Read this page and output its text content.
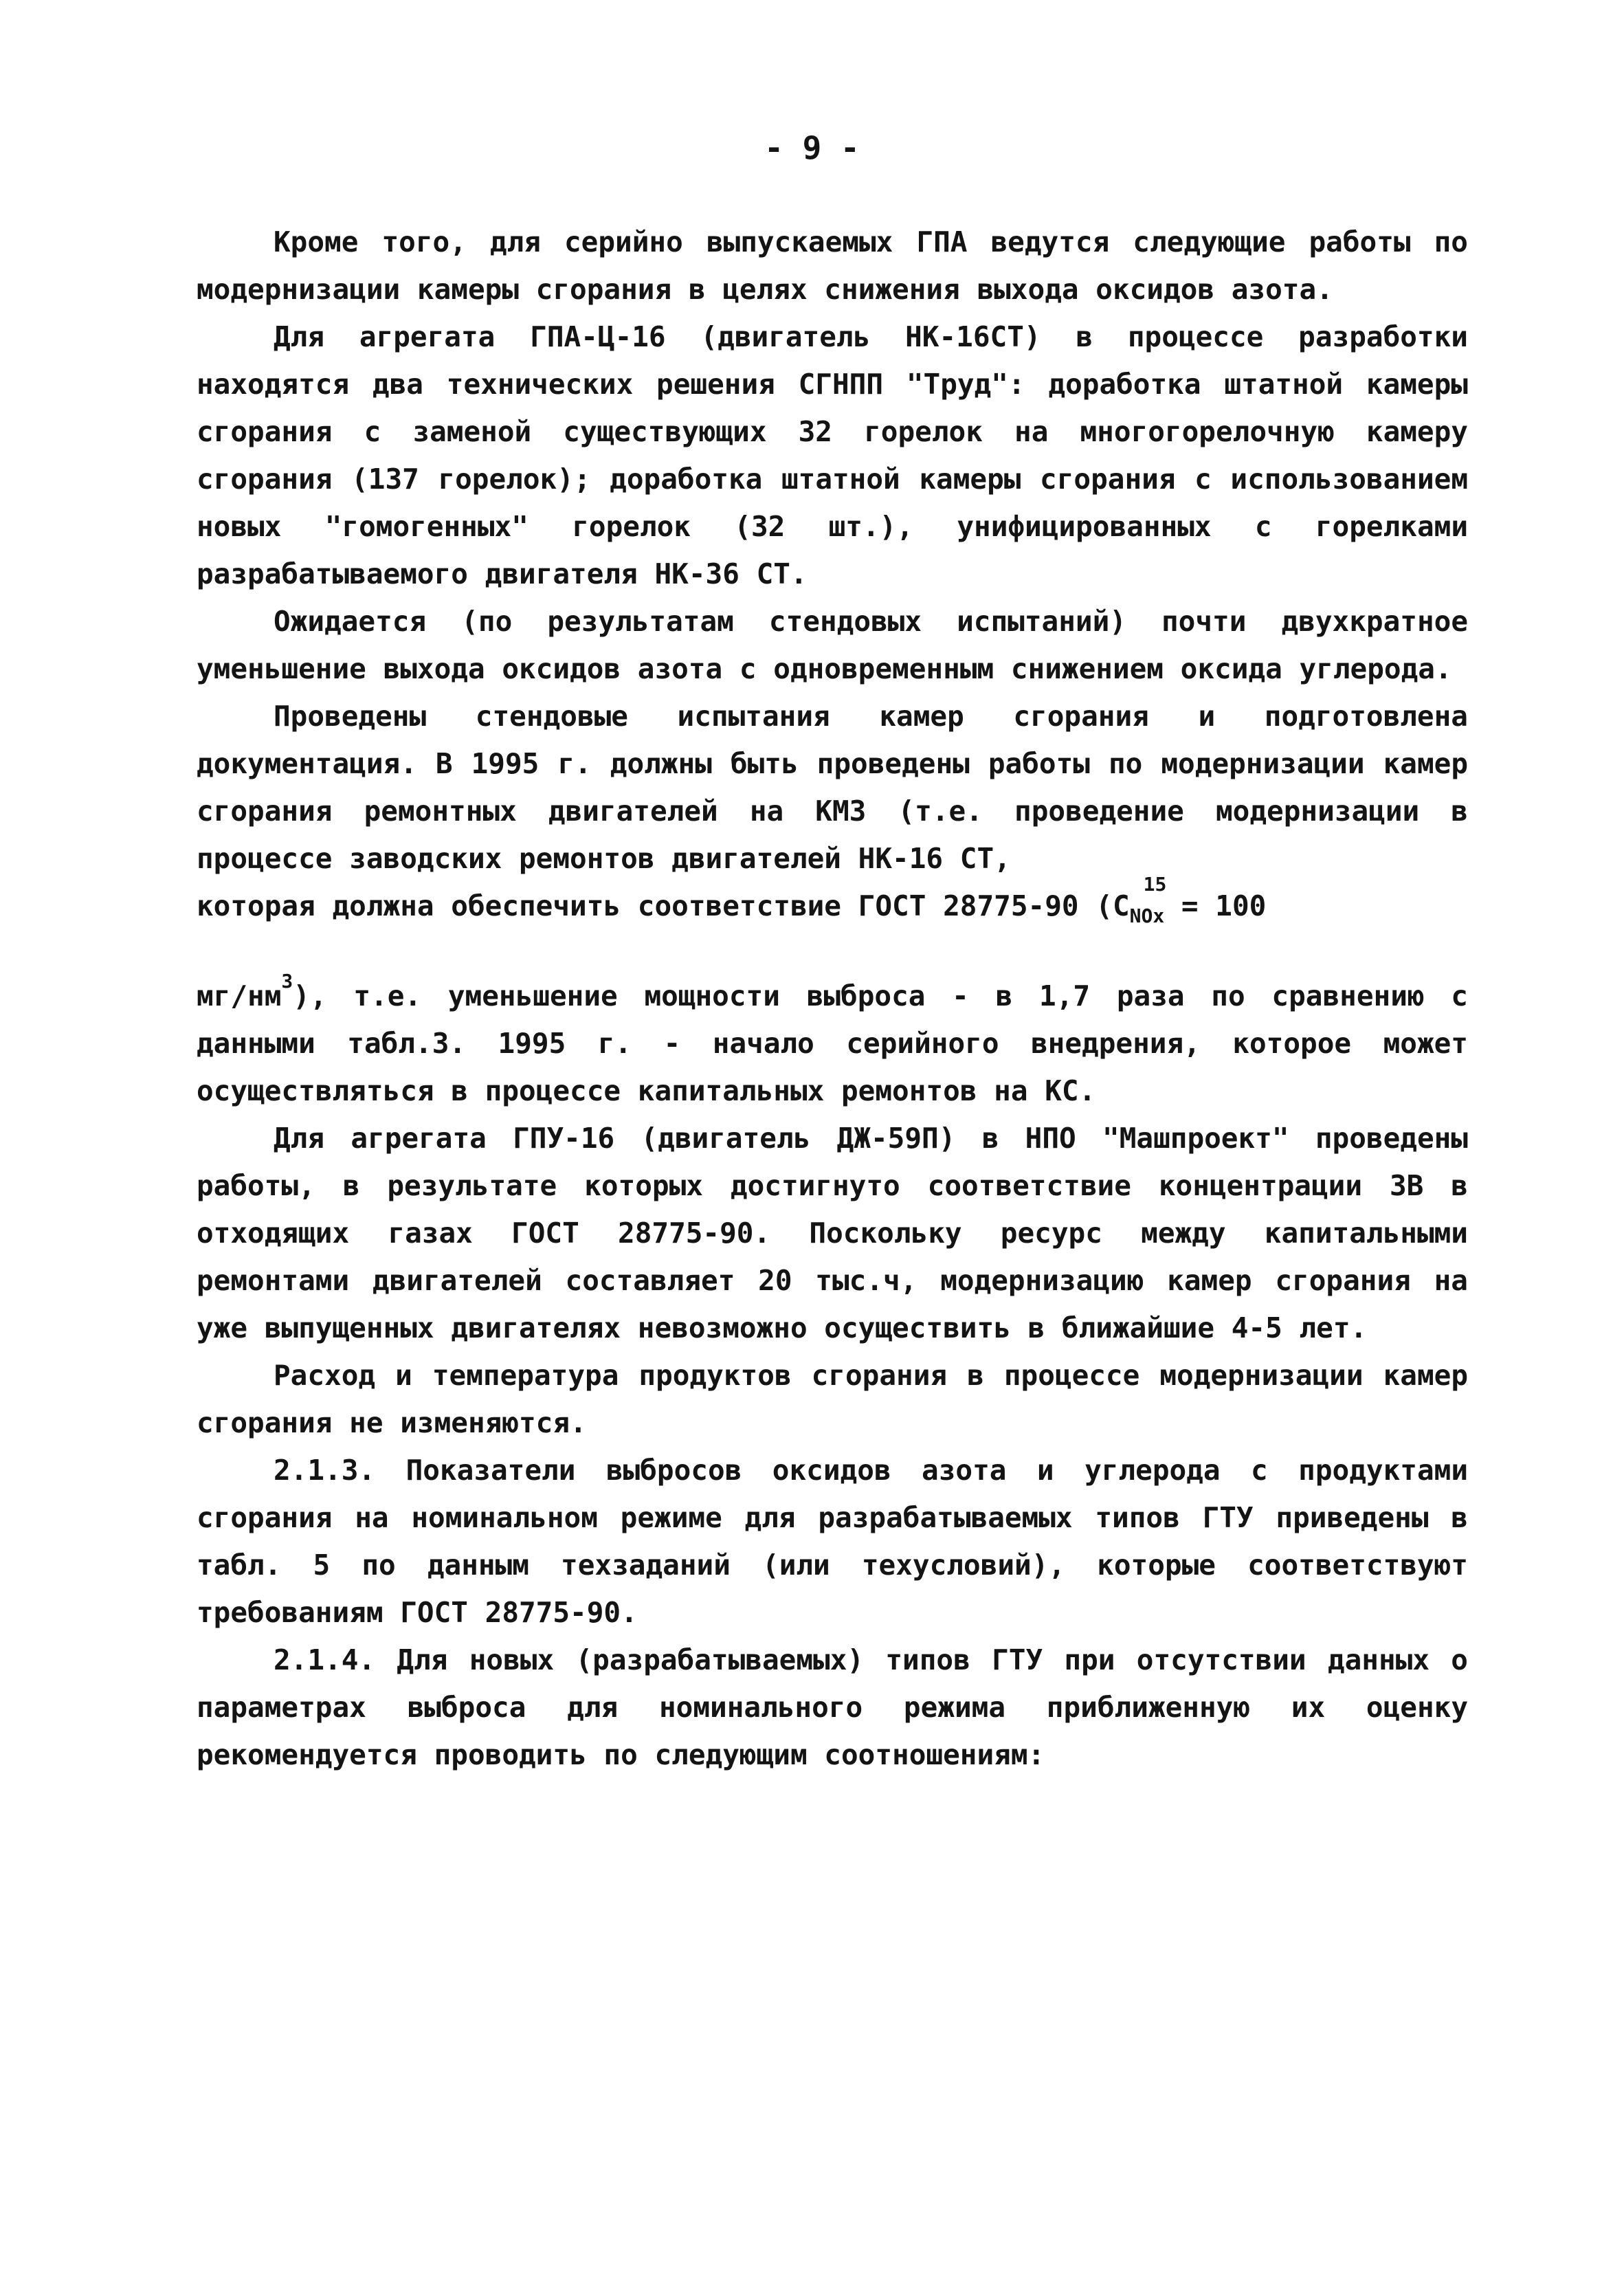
- 9 -

Кроме того, для серийно выпускаемых ГПА ведутся следующие работы по модернизации камеры сгорания в целях снижения выхода оксидов азота.

Для агрегата ГПА-Ц-16 (двигатель НК-16СТ) в процессе разработки находятся два технических решения СГНПП "Труд": доработка штатной камеры сгорания с заменой существующих 32 горелок на многогорелочную камеру сгорания (137 горелок); доработка штатной камеры сгорания с использованием новых "гомогенных" горелок (32 шт.), унифицированных с горелками разрабатываемого двигателя НК-36 СТ.

Ожидается (по результатам стендовых испытаний) почти двухкратное уменьшение выхода оксидов азота с одновременным снижением оксида углерода.

Проведены стендовые испытания камер сгорания и подготовлена документация. В 1995 г. должны быть проведены работы по модернизации камер сгорания ремонтных двигателей на КМЗ (т.е. проведение модернизации в процессе заводских ремонтов двигателей НК-16 СТ,

которая должна обеспечить соответствие ГОСТ 28775-90 (C
15
$_{NOx}$ = 100

$мг/нм^3$), т.е. уменьшение мощности выброса - в 1,7 раза по сравнению с данными табл.3. 1995 г. - начало серийного внедрения, которое может осуществляться в процессе капитальных ремонтов на КС.

Для агрегата ГПУ-16 (двигатель ДЖ-59П) в НПО "Машпроект" проведены работы, в результате которых достигнуто соответствие концентрации ЗВ в отходящих газах ГОСТ 28775-90. Поскольку ресурс между капитальными ремонтами двигателей составляет 20 тыс.ч, модернизацию камер сгорания на уже выпущенных двигателях невозможно осуществить в ближайшие 4-5 лет.

Расход и температура продуктов сгорания в процессе модернизации камер сгорания не изменяются.

2.1.3. Показатели выбросов оксидов азота и углерода с продуктами сгорания на номинальном режиме для разрабатываемых типов ГТУ приведены в табл. 5 по данным техзаданий (или техусловий), которые соответствуют требованиям ГОСТ 28775-90.

2.1.4. Для новых (разрабатываемых) типов ГТУ при отсутствии данных о параметрах выброса для номинального режима приближенную их оценку рекомендуется проводить по следующим соотношениям:
